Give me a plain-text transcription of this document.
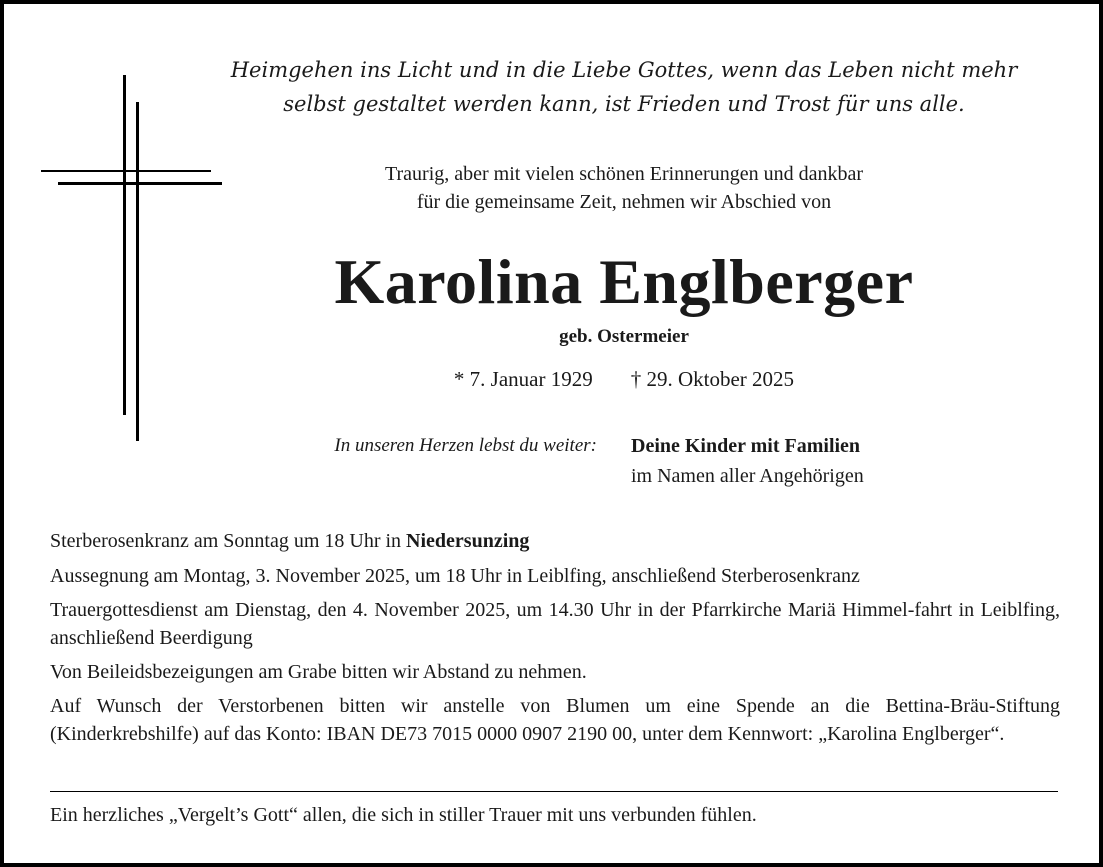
Heimgehen ins Licht und in die Liebe Gottes, wenn das Leben nicht mehr
selbst gestaltet werden kann, ist Frieden und Trost für uns alle.
Traurig, aber mit vielen schönen Erinnerungen und dankbar
für die gemeinsame Zeit, nehmen wir Abschied von
Karolina Englberger
geb. Ostermeier
* 7. Januar 1929 † 29. Oktober 2025
In unseren Herzen lebst du weiter: Deine Kinder mit Familien
im Namen aller Angehörigen

Sterberosenkranz am Sonntag um 18 Uhr in Niedersunzing

Aussegnung am Montag, 3. November 2025, um 18 Uhr in Leiblfing, anschließend Sterberosenkranz

Trauergottesdienst am Dienstag, den 4. November 2025, um 14.30 Uhr in der Pfarrkirche Mariä Himmel-fahrt in Leiblfing, anschließend Beerdigung

Von Beileidsbezeigungen am Grabe bitten wir Abstand zu nehmen.

Auf Wunsch der Verstorbenen bitten wir anstelle von Blumen um eine Spende an die Bettina-Bräu-Stiftung (Kinderkrebshilfe) auf das Konto: IBAN DE73 7015 0000 0907 2190 00, unter dem Kennwort: „Karolina Englberger“.

Ein herzliches „Vergelt’s Gott“ allen, die sich in stiller Trauer mit uns verbunden fühlen.
